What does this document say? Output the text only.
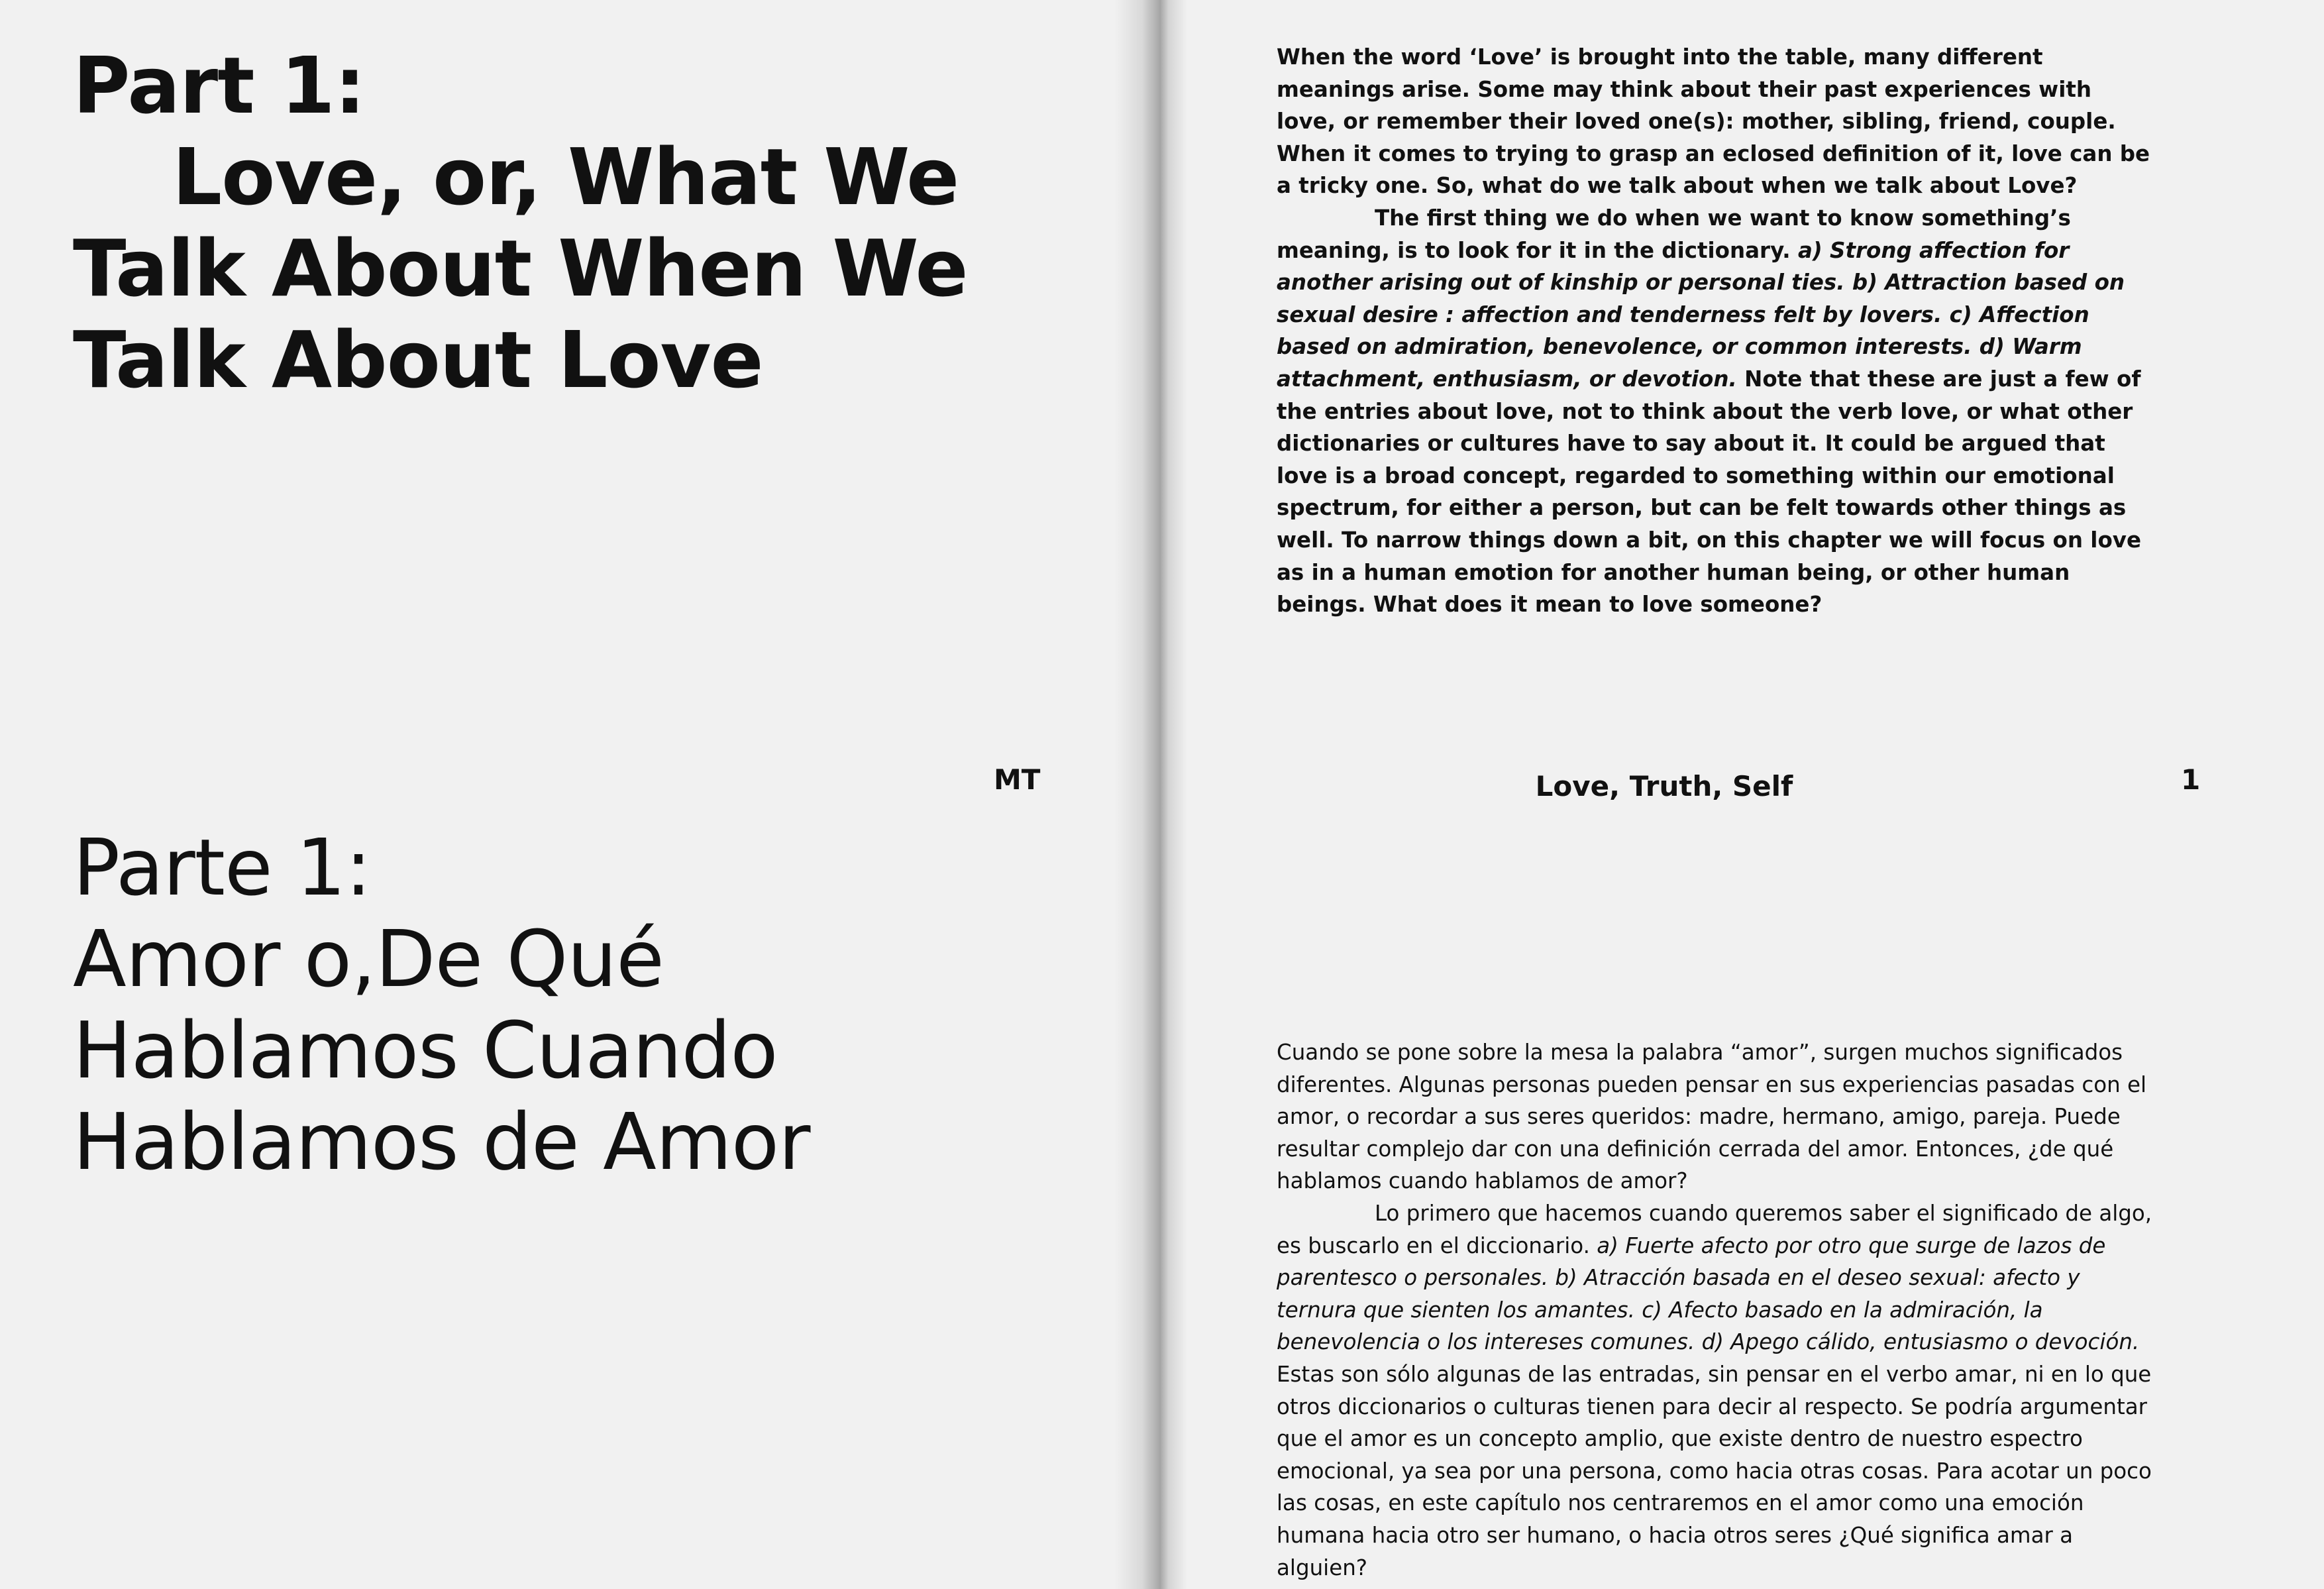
Part 1:
Love, or, What We
Talk About When We
Talk About Love
MT
Parte 1:
Amor o,De Qué
Hablamos Cuando
Hablamos de Amor

When the word ‘Love’ is brought into the table, many different meanings arise. Some may think about their past experiences with love, or remember their loved one(s): mother, sibling, friend, couple. When it comes to trying to grasp an eclosed definition of it, love can be a tricky one. So, what do we talk about when we talk about Love?

The first thing we do when we want to know something’s meaning, is to look for it in the dictionary. a) Strong affection for another arising out of kinship or personal ties. b) Attraction based on sexual desire : affection and tenderness felt by lovers. c) Affection based on admiration, benevolence, or common interests. d) Warm attachment, enthusiasm, or devotion. Note that these are just a few of the entries about love, not to think about the verb love, or what other dictionaries or cultures have to say about it. It could be argued that love is a broad concept, regarded to something within our emotional spectrum, for either a person, but can be felt towards other things as well. To narrow things down a bit, on this chapter we will focus on love as in a human emotion for another human being, or other human beings. What does it mean to love someone?

Love, Truth, Self	1

Cuando se pone sobre la mesa la palabra “amor”, surgen muchos significados diferentes. Algunas personas pueden pensar en sus experiencias pasadas con el amor, o recordar a sus seres queridos: madre, hermano, amigo, pareja. Puede resultar complejo dar con una definición cerrada del amor. Entonces, ¿de qué hablamos cuando hablamos de amor?

Lo primero que hacemos cuando queremos saber el significado de algo, es buscarlo en el diccionario. a) Fuerte afecto por otro que surge de lazos de parentesco o personales. b) Atracción basada en el deseo sexual: afecto y ternura que sienten los amantes. c) Afecto basado en la admiración, la benevolencia o los intereses comunes. d) Apego cálido, entusiasmo o devoción. Estas son sólo algunas de las entradas, sin pensar en el verbo amar, ni en lo que otros diccionarios o culturas tienen para decir al respecto. Se podría argumentar que el amor es un concepto amplio, que existe dentro de nuestro espectro emocional, ya sea por una persona, como hacia otras cosas. Para acotar un poco las cosas, en este capítulo nos centraremos en el amor como una emoción humana hacia otro ser humano, o hacia otros seres ¿Qué significa amar a alguien?
